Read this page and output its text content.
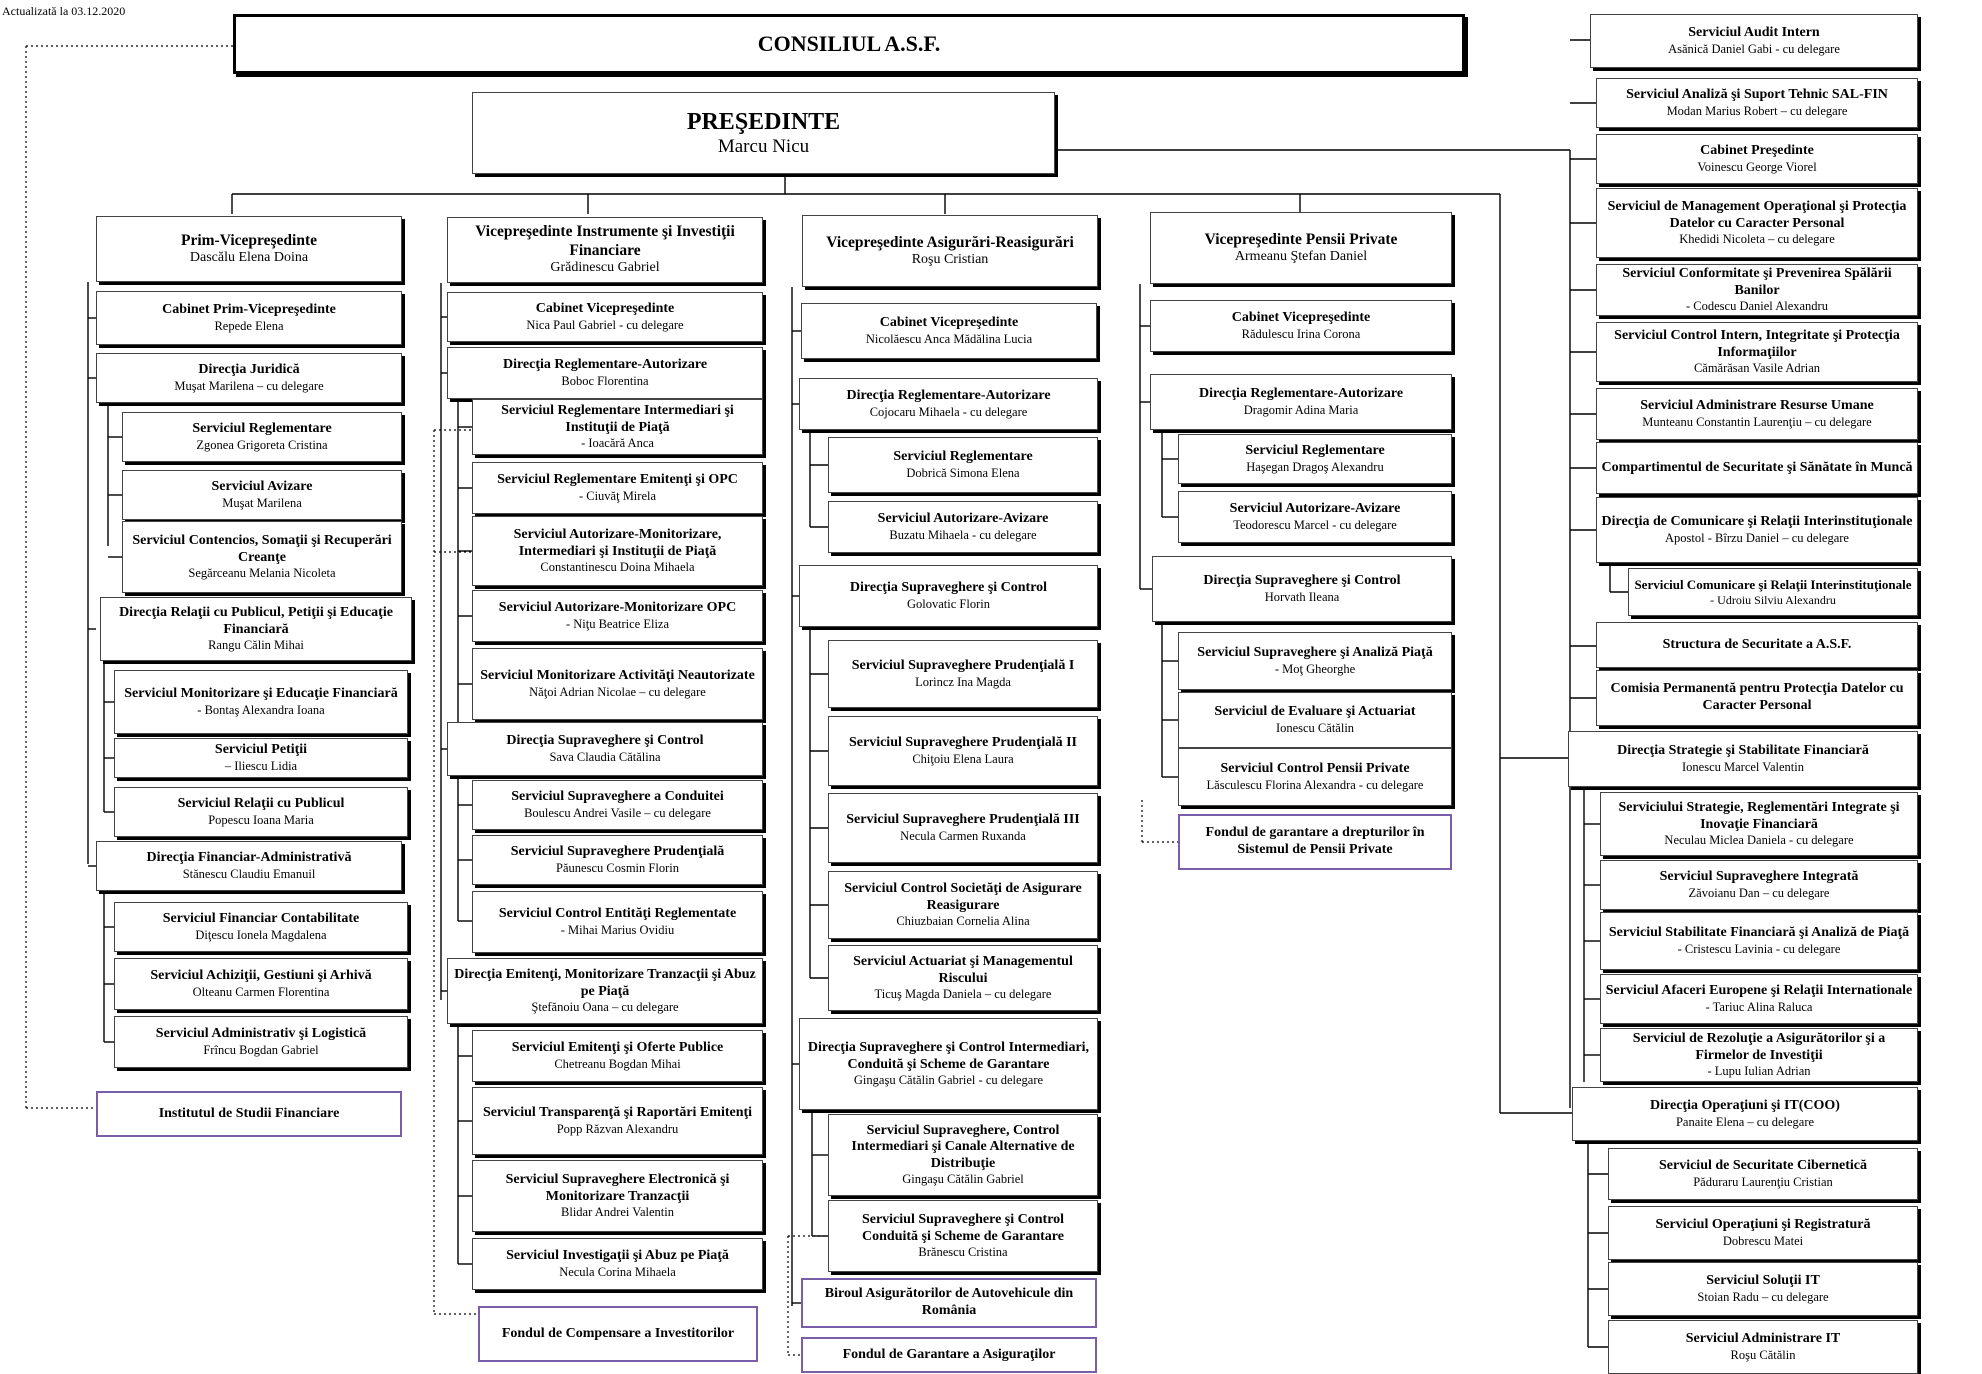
Actualizată la 03.12.2020
CONSILIUL A.S.F.
PREŞEDINTE
Marcu Nicu
Prim-Vicepreşedinte
Dascălu Elena Doina
Cabinet Prim-Vicepreşedinte
Repede Elena
Direcţia Juridică
Muşat Marilena – cu delegare
Serviciul Reglementare
Zgonea Grigoreta Cristina
Serviciul Avizare
Muşat Marilena
Serviciul Contencios, Somaţii şi Recuperări Creanţe
Segărceanu Melania Nicoleta
Direcţia Relaţii cu Publicul, Petiţii şi Educaţie Financiară
Rangu Călin Mihai
Serviciul Monitorizare şi Educaţie Financiară
- Bontaş Alexandra Ioana
Serviciul Petiţii
– Iliescu Lidia
Serviciul Relaţii cu Publicul
Popescu Ioana Maria
Direcţia Financiar-Administrativă
Stănescu Claudiu Emanuil
Serviciul Financiar Contabilitate
Diţescu Ionela Magdalena
Serviciul Achiziţii, Gestiuni şi Arhivă
Olteanu Carmen Florentina
Serviciul Administrativ şi Logistică
Frîncu Bogdan Gabriel
Institutul de Studii Financiare
Vicepreşedinte Instrumente şi Investiţii Financiare
Grădinescu Gabriel
Cabinet Vicepreşedinte
Nica Paul Gabriel - cu delegare
Direcţia Reglementare-Autorizare
Boboc Florentina
Serviciul Reglementare Intermediari şi Instituţii de Piaţă
- Ioacără Anca
Serviciul Reglementare Emitenţi şi OPC
- Ciuvăţ Mirela
Serviciul Autorizare-Monitorizare, Intermediari şi Instituţii de Piaţă
Constantinescu Doina Mihaela
Serviciul Autorizare-Monitorizare OPC
- Niţu Beatrice Eliza
Serviciul Monitorizare Activităţi Neautorizate
Năţoi Adrian Nicolae – cu delegare
Direcţia Supraveghere şi Control
Sava Claudia Cătălina
Serviciul Supraveghere a Conduitei
Boulescu Andrei Vasile – cu delegare
Serviciul Supraveghere Prudenţială
Păunescu Cosmin Florin
Serviciul Control Entităţi Reglementate
- Mihai Marius Ovidiu
Direcţia Emitenţi, Monitorizare Tranzacţii şi Abuz pe Piaţă
Ştefănoiu Oana – cu delegare
Serviciul Emitenţi şi Oferte Publice
Chetreanu Bogdan Mihai
Serviciul Transparenţă şi Raportări Emitenţi
Popp Răzvan Alexandru
Serviciul Supraveghere Electronică şi Monitorizare Tranzacţii
Blidar Andrei Valentin
Serviciul Investigaţii şi Abuz pe Piaţă
Necula Corina Mihaela
Fondul de Compensare a Investitorilor
Vicepreşedinte Asigurări-Reasigurări
Roşu Cristian
Cabinet Vicepreşedinte
Nicolăescu Anca Mădălina Lucia
Direcţia Reglementare-Autorizare
Cojocaru Mihaela - cu delegare
Serviciul Reglementare
Dobrică Simona Elena
Serviciul Autorizare-Avizare
Buzatu Mihaela - cu delegare
Direcţia Supraveghere şi Control
Golovatic Florin
Serviciul Supraveghere Prudenţială I
Lorincz Ina Magda
Serviciul Supraveghere Prudenţială II
Chiţoiu Elena Laura
Serviciul Supraveghere Prudenţială III
Necula Carmen Ruxanda
Serviciul Control Societăţi de Asigurare Reasigurare
Chiuzbaian Cornelia Alina
Serviciul Actuariat şi Managementul Riscului
Ticuş Magda Daniela – cu delegare
Direcţia Supraveghere şi Control Intermediari, Conduită şi Scheme de Garantare
Gingaşu Cătălin Gabriel - cu delegare
Serviciul Supraveghere, Control Intermediari şi Canale Alternative de Distribuţie
Gingaşu Cătălin Gabriel
Serviciul Supraveghere şi Control Conduită şi Scheme de Garantare
Brănescu Cristina
Biroul Asigurătorilor de Autovehicule din România
Fondul de Garantare a Asiguraţilor
Vicepreşedinte Pensii Private
Armeanu Ştefan Daniel
Cabinet Vicepreşedinte
Rădulescu Irina Corona
Direcţia Reglementare-Autorizare
Dragomir Adina Maria
Serviciul Reglementare
Haşegan Dragoş Alexandru
Serviciul Autorizare-Avizare
Teodorescu Marcel - cu delegare
Direcţia Supraveghere şi Control
Horvath Ileana
Serviciul Supraveghere şi Analiză Piaţă
- Moţ Gheorghe
Serviciul de Evaluare şi Actuariat
Ionescu Cătălin
Serviciul Control Pensii Private
Lăsculescu Florina Alexandra - cu delegare
Fondul de garantare a drepturilor în Sistemul de Pensii Private
Serviciul Audit Intern
Asănică Daniel Gabi - cu delegare
Serviciul Analiză şi Suport Tehnic SAL-FIN
Modan Marius Robert – cu delegare
Cabinet Preşedinte
Voinescu George Viorel
Serviciul de Management Operaţional şi Protecţia Datelor cu Caracter Personal
Khedidi Nicoleta – cu delegare
Serviciul Conformitate şi Prevenirea Spălării Banilor
- Codescu Daniel Alexandru
Serviciul Control Intern, Integritate şi Protecţia Informaţiilor
Cămărăsan Vasile Adrian
Serviciul Administrare Resurse Umane
Munteanu Constantin Laurenţiu – cu delegare
Compartimentul de Securitate şi Sănătate în Muncă
Direcţia de Comunicare şi Relaţii Interinstituţionale
Apostol - Bîrzu Daniel – cu delegare
Serviciul Comunicare şi Relaţii Interinstituţionale
- Udroiu Silviu Alexandru
Structura de Securitate a A.S.F.
Comisia Permanentă pentru Protecţia Datelor cu Caracter Personal
Direcţia Strategie şi Stabilitate Financiară
Ionescu Marcel Valentin
Serviciului Strategie, Reglementări Integrate şi Inovaţie Financiară
Neculau Miclea Daniela - cu delegare
Serviciul Supraveghere Integrată
Zăvoianu Dan – cu delegare
Serviciul Stabilitate Financiară şi Analiză de Piaţă
- Cristescu Lavinia - cu delegare
Serviciul Afaceri Europene şi Relaţii Internationale
- Tariuc Alina Raluca
Serviciul de Rezoluţie a Asigurătorilor şi a Firmelor de Investiţii
- Lupu Iulian Adrian
Direcţia Operaţiuni şi IT(COO)
Panaite Elena – cu delegare
Serviciul de Securitate Cibernetică
Păduraru Laurenţiu Cristian
Serviciul Operaţiuni şi Registratură
Dobrescu Matei
Serviciul Soluţii IT
Stoian Radu – cu delegare
Serviciul Administrare IT
Roşu Cătălin
